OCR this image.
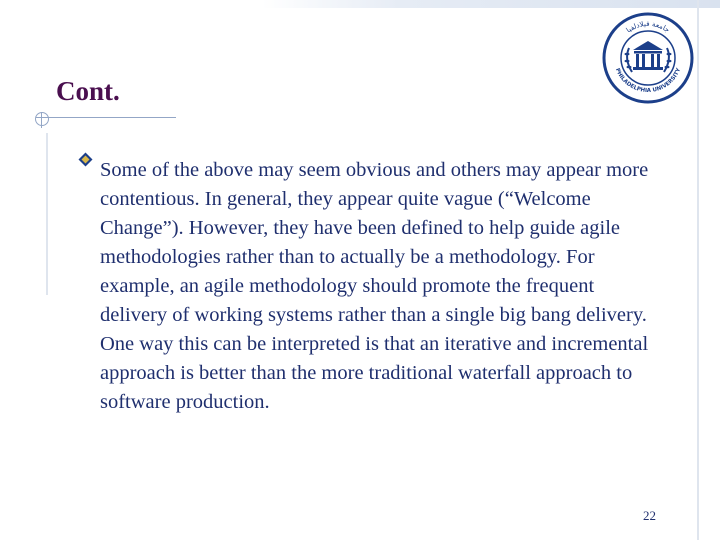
Cont.

Some of the above may seem obvious and others may appear more contentious. In general, they appear quite vague (“Welcome Change”). However, they have been defined to help guide agile methodologies rather than to actually be a methodology. For example, an agile methodology should promote the frequent delivery of working systems rather than a single big bang delivery. One way this can be interpreted is that an iterative and incremental approach is better than the more traditional waterfall approach to software production.

22
جامعة فيلادلفيا
PHILADELPHIA UNIVERSITY
